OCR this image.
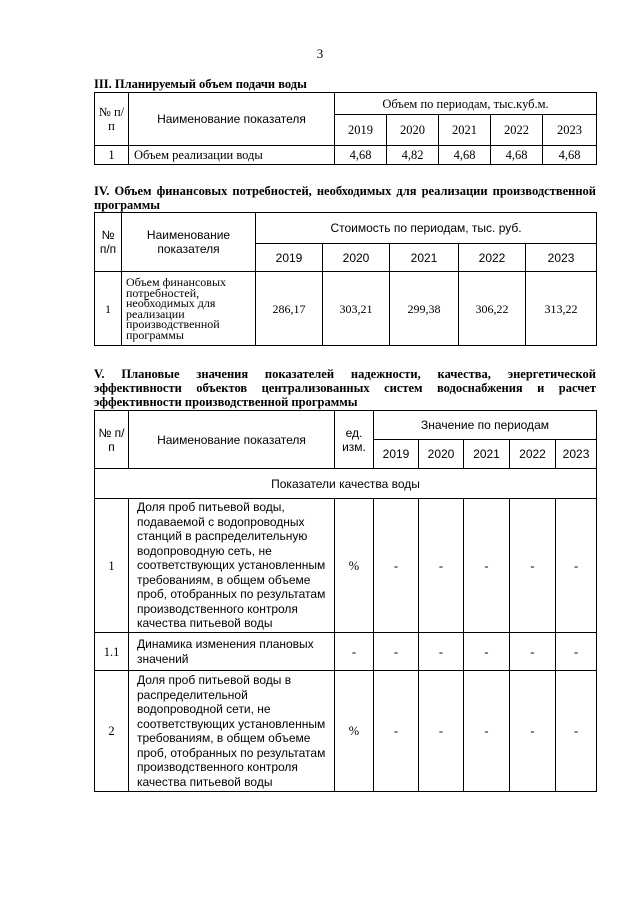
3
III. Планируемый объем подачи воды
№ п/п	Наименование показателя	Объем по периодам, тыс.куб.м.				
		2019	2020	2021	2022	2023
1	Объем реализации воды	4,68	4,82	4,68	4,68	4,68
IV. Объем финансовых потребностей, необходимых для реализации производственной программы
№ п/п	Наименование показателя	Стоимость по периодам, тыс. руб.				
		2019	2020	2021	2022	2023
1	Объем финансовых потребностей, необходимых для реализации производственной программы	286,17	303,21	299,38	306,22	313,22
V. Плановые значения показателей надежности, качества, энергетической эффективности объектов централизованных систем водоснабжения и расчет эффективности производственной программы
№ п/п	Наименование показателя	ед. изм.	Значение по периодам				
			2019	2020	2021	2022	2023
Показатели качества воды							
1	Доля проб питьевой воды, подаваемой с водопроводных станций в распределительную водопроводную сеть, не соответствующих установленным требованиям, в общем объеме проб, отобранных по результатам производственного контроля качества питьевой воды	%	-	-	-	-	-
1.1	Динамика изменения плановых значений	-	-	-	-	-	-
2	Доля проб питьевой воды в распределительной водопроводной сети, не соответствующих установленным требованиям, в общем объеме проб, отобранных по результатам производственного контроля качества питьевой воды	%	-	-	-	-	-
